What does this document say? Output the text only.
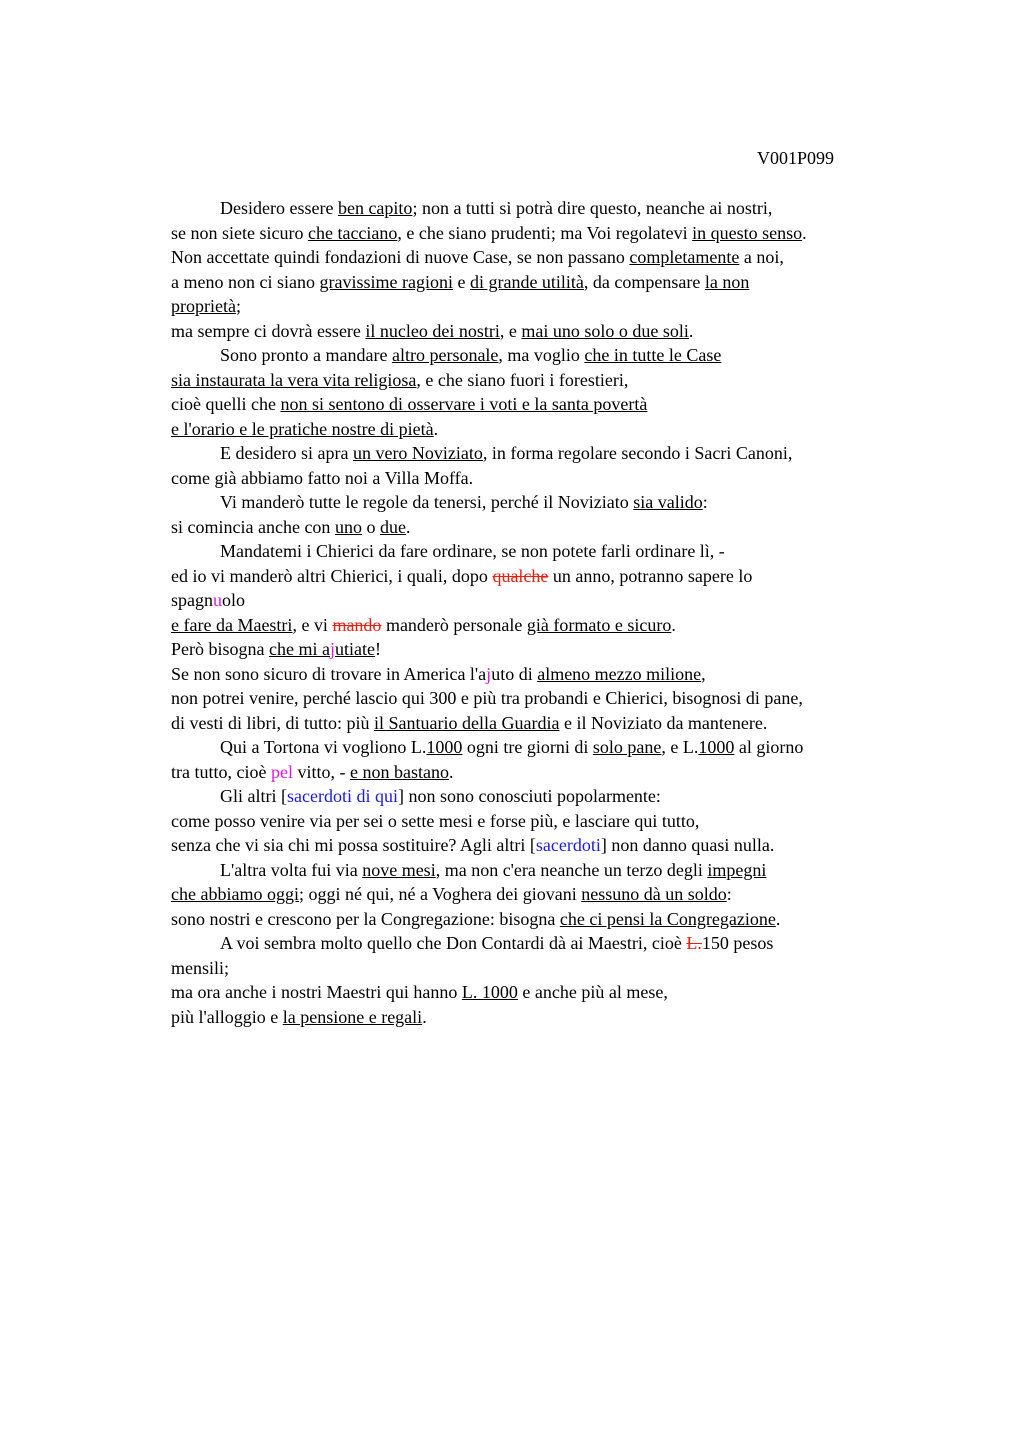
V001P099
Desidero essere ben capito; non a tutti si potrà dire questo, neanche ai nostri,
se non siete sicuro che tacciano, e che siano prudenti; ma Voi regolatevi in questo senso.
Non accettate quindi fondazioni di nuove Case, se non passano completamente a noi,
a meno non ci siano gravissime ragioni e di grande utilità, da compensare la non
proprietà;
ma sempre ci dovrà essere il nucleo dei nostri, e mai uno solo o due soli.
Sono pronto a mandare altro personale, ma voglio che in tutte le Case
sia instaurata la vera vita religiosa, e che siano fuori i forestieri,
cioè quelli che non si sentono di osservare i voti e la santa povertà
e l'orario e le pratiche nostre di pietà.
E desidero si apra un vero Noviziato, in forma regolare secondo i Sacri Canoni,
come già abbiamo fatto noi a Villa Moffa.
Vi manderò tutte le regole da tenersi, perché il Noviziato sia valido:
si comincia anche con uno o due.
Mandatemi i Chierici da fare ordinare, se non potete farli ordinare lì, -
ed io vi manderò altri Chierici, i quali, dopo qualche un anno, potranno sapere lo
spagnuolo
e fare da Maestri, e vi mando manderò personale già formato e sicuro.
Però bisogna che mi ajutiate!
Se non sono sicuro di trovare in America l'ajuto di almeno mezzo milione,
non potrei venire, perché lascio qui 300 e più tra probandi e Chierici, bisognosi di pane,
di vesti di libri, di tutto: più il Santuario della Guardia e il Noviziato da mantenere.
Qui a Tortona vi vogliono L.1000 ogni tre giorni di solo pane, e L.1000 al giorno
tra tutto, cioè pel vitto, - e non bastano.
Gli altri [sacerdoti di qui] non sono conosciuti popolarmente:
come posso venire via per sei o sette mesi e forse più, e lasciare qui tutto,
senza che vi sia chi mi possa sostituire? Agli altri [sacerdoti] non danno quasi nulla.
L'altra volta fui via nove mesi, ma non c'era neanche un terzo degli impegni
che abbiamo oggi; oggi né qui, né a Voghera dei giovani nessuno dà un soldo:
sono nostri e crescono per la Congregazione: bisogna che ci pensi la Congregazione.
A voi sembra molto quello che Don Contardi dà ai Maestri, cioè L.150 pesos
mensili;
ma ora anche i nostri Maestri qui hanno L. 1000 e anche più al mese,
più l'alloggio e la pensione e regali.
